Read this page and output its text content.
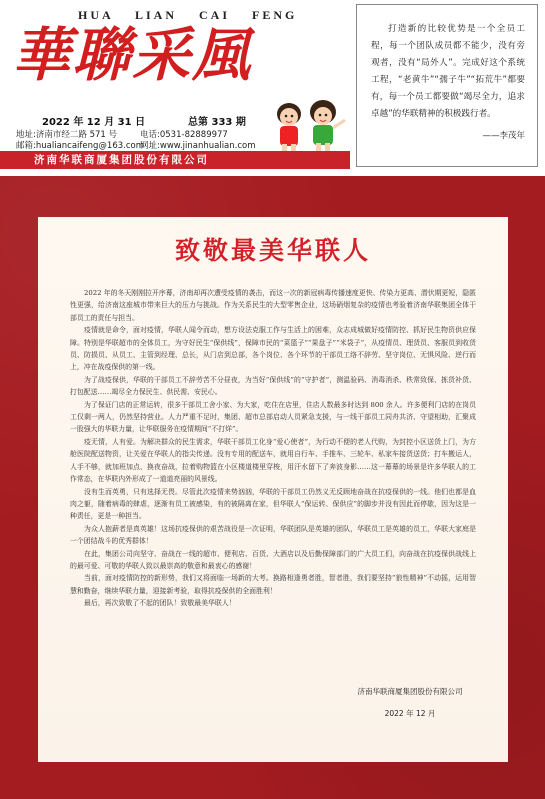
HUA LIAN CAI FENG
華聯采風
2022 年 12 月 31 日	总第 333 期
地址:济南市经二路 571 号	电话:0531-82889977
邮箱:hualiancaifeng@163.com
网址:www.jinanhualian.com
济南华联商厦集团股份有限公司
打造新的比较优势是一个全员工程，每一个团队成员都不能少，没有旁观者，没有“局外人”。完成好这个系统工程，“老黄牛”“孺子牛”“拓荒牛”都要有，每一个员工都要做“竭尽全力，追求卓越”的华联精神的积极践行者。
——李茂年
致敬最美华联人

2022 年的冬天刚刚拉开序幕，济南却再次遭受疫情的袭击，而这一次的新冠病毒传播速度更快、传染力更高、潜伏期更短，隐匿性更强，给济南这座城市带来巨大的压力与挑战。作为关系民生的大型零售企业，这场硝烟复杂的疫情也考验着济南华联集团全体干部员工的责任与担当。

疫情就是命令，面对疫情，华联人闻令而动，想方设法克服工作与生活上的困难，众志成城做好疫情防控、抓好民生物资供应保障。特别是华联超市的全体员工，为守好民生“保供线”，保障市民的“菜篮子”“果盘子”“米袋子”，从疫情员、理货员、客服员到收货员、防损员、从员工、主管到经理、总长，从门店到总部，各个岗位、各个环节的干部员工络不辞劳、坚守岗位、无惧风险、逆行而上，冲在战疫保供的第一线。

为了战疫保供，华联的干部员工不辞劳苦不分昼夜，为当好“保供线”的“守护者”，测温验码、消毒消杀、秩常致保、拣货补货、打包配送……竭尽全力保民生、供民需、安民心。

为了保证门店的正常运转，很多干部员工舍小家、为大家，吃住在店里，住店人数最多时达到 800 余人。许多便利门店的在岗员工仅剩一两人，仍然坚持营业。人力严重不足时，集团、超市总部启动人员紧急支援，与一线干部员工同舟共济、守望相助，汇聚成一股强大的华联力量，让华联服务在疫情期间“不打烊”。

疫无情，人有爱。为解决群众的民生需求，华联干部员工化身“爱心使者”，为行动不便的老人代购，为封控小区送货上门，为方舱医院配送物资，让关爱在华联人的指尖传递。没有专用的配送车，就用自行车、手推车、三轮车、私家车接货送货；打车搬运人，人手不够，就加班加点、换夜奋战，拉着购物篮在小区楼道楼里穿梭，用汗水留下了奔波身影……这一幕幕的场景是许多华联人的工作常态，在华联内外形成了一道道亮丽的风景线。

没有生而英勇，只有选择无畏。尽管此次疫情来势汹汹，华联的干部员工仍然义无反顾地奋战在抗疫保供的一线。他们也都是血肉之躯，随着病毒的肆虐，逐渐有员工被感染，有的被隔离在家，但华联人“保运转、保供应”的脚步并没有因此而停歇，因为这是一种责任，更是一种担当。

为众人抱薪者是真英雄！这场抗疫保供的艰苦战役是一次证明，华联团队是英雄的团队，华联员工是英雄的员工，华联大家庭是一个团结战斗的优秀群体！

在此，集团公司向坚守、奋战在一线的超市、便利店、百货、大酒店以及后勤保障部门的广大员工们，向奋战在抗疫保供战线上的最可爱、可敬的华联人致以最崇高的敬意和最衷心的感谢！

当前，面对疫情防控的新形势，我们又将面临一场新的大考。换路相逢勇者胜，智者胜，我们要坚持“狼性精神”不动摇，运用智慧和勤奋，继续华联力量，迎接新考验，取得抗疫保供的全面胜利！

最后，再次致敬了不起的团队！致敬最美华联人！

济南华联商厦集团股份有限公司
2022 年 12 月
